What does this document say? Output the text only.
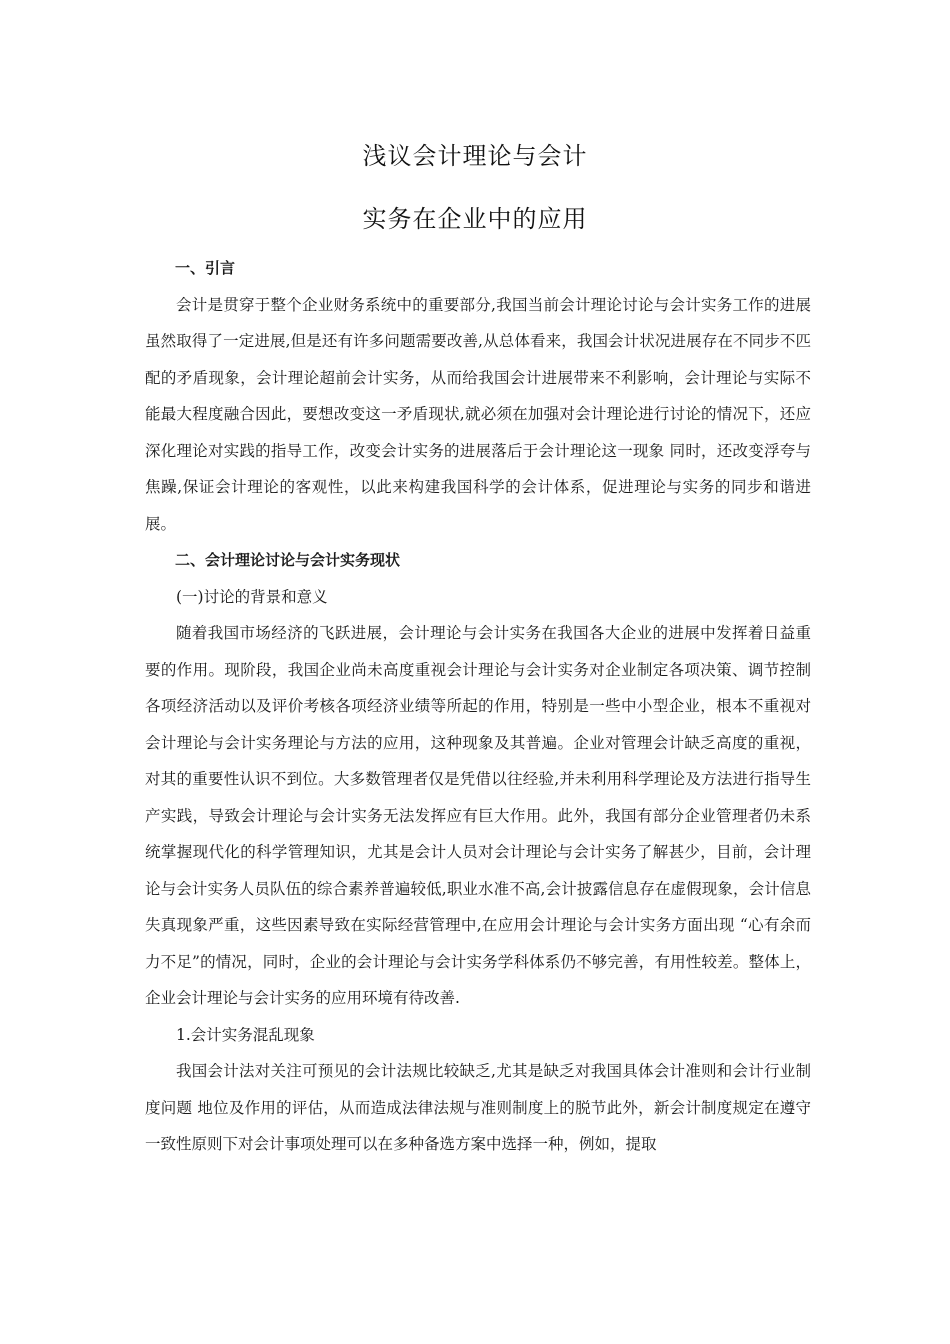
浅议会计理论与会计
实务在企业中的应用

一、引言

会计是贯穿于整个企业财务系统中的重要部分,我国当前会计理论讨论与会计实务工作的进展虽然取得了一定进展,但是还有许多问题需要改善,从总体看来，我国会计状况进展存在不同步不匹配的矛盾现象，会计理论超前会计实务，从而给我国会计进展带来不利影响，会计理论与实际不能最大程度融合因此，要想改变这一矛盾现状,就必须在加强对会计理论进行讨论的情况下，还应深化理论对实践的指导工作，改变会计实务的进展落后于会计理论这一现象 同时，还改变浮夸与焦躁,保证会计理论的客观性，以此来构建我国科学的会计体系，促进理论与实务的同步和谐进展。

二、会计理论讨论与会计实务现状

(一)讨论的背景和意义

随着我国市场经济的飞跃进展，会计理论与会计实务在我国各大企业的进展中发挥着日益重要的作用。现阶段，我国企业尚未高度重视会计理论与会计实务对企业制定各项决策、调节控制各项经济活动以及评价考核各项经济业绩等所起的作用，特别是一些中小型企业，根本不重视对会计理论与会计实务理论与方法的应用，这种现象及其普遍。企业对管理会计缺乏高度的重视，对其的重要性认识不到位。大多数管理者仅是凭借以往经验,并未利用科学理论及方法进行指导生产实践，导致会计理论与会计实务无法发挥应有巨大作用。此外，我国有部分企业管理者仍未系统掌握现代化的科学管理知识，尤其是会计人员对会计理论与会计实务了解甚少，目前，会计理论与会计实务人员队伍的综合素养普遍较低,职业水准不高,会计披露信息存在虚假现象，会计信息失真现象严重，这些因素导致在实际经营管理中,在应用会计理论与会计实务方面出现 “心有余而力不足”的情况，同时，企业的会计理论与会计实务学科体系仍不够完善，有用性较差。整体上，企业会计理论与会计实务的应用环境有待改善.

1.会计实务混乱现象

我国会计法对关注可预见的会计法规比较缺乏,尤其是缺乏对我国具体会计准则和会计行业制度问题 地位及作用的评估，从而造成法律法规与准则制度上的脱节此外，新会计制度规定在遵守一致性原则下对会计事项处理可以在多种备选方案中选择一种，例如，提取
